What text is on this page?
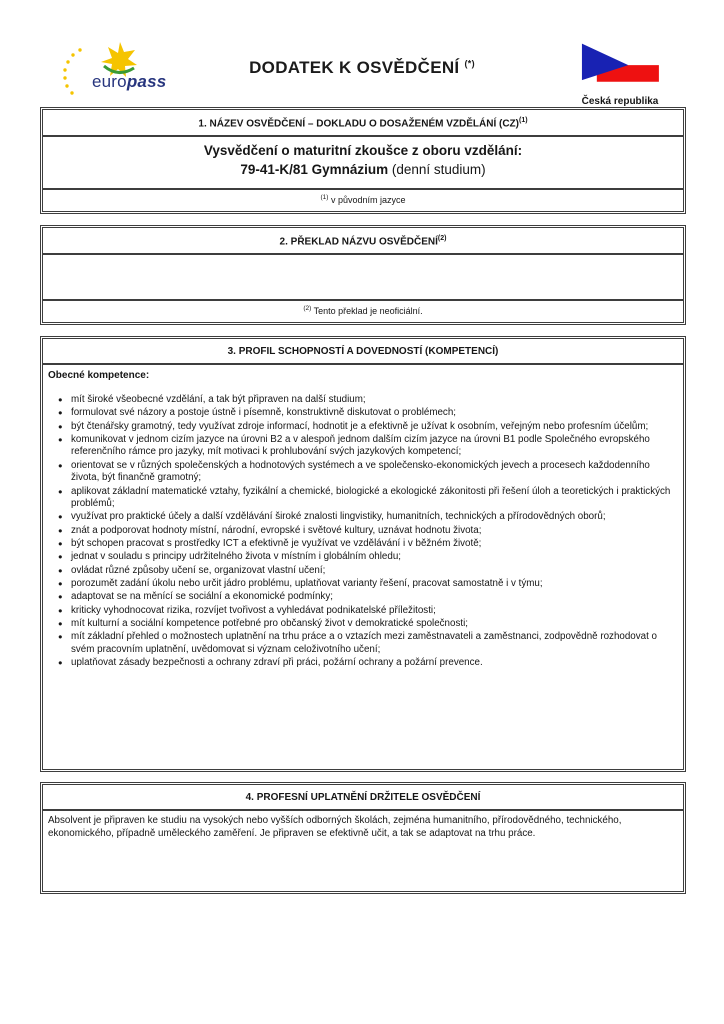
europass
DODATEK K OSVĚDČENÍ (*)
Česká republika
1. NÁZEV OSVĚDČENÍ – DOKLADU O DOSAŽENÉM VZDĚLÁNÍ (CZ)$^{(1)}$
Vysvědčení o maturitní zkoušce z oboru vzdělání:
79-41-K/81 Gymnázium (denní studium)
$^{(1)}$ v původním jazyce
2. PŘEKLAD NÁZVU OSVĚDČENÍ$^{(2)}$
$^{(2)}$ Tento překlad je neoficiální.
3. PROFIL SCHOPNOSTÍ A DOVEDNOSTÍ (KOMPETENCÍ)
Obecné kompetence:
● mít široké všeobecné vzdělání, a tak být připraven na další studium;
● formulovat své názory a postoje ústně i písemně, konstruktivně diskutovat o problémech;
● být čtenářsky gramotný, tedy využívat zdroje informací, hodnotit je a efektivně je užívat k osobním, veřejným nebo profesním účelům;
● komunikovat v jednom cizím jazyce na úrovni B2 a v alespoň jednom dalším cizím jazyce na úrovni B1 podle Společného evropského referenčního rámce pro jazyky, mít motivaci k prohlubování svých jazykových kompetencí;
● orientovat se v různých společenských a hodnotových systémech a ve společensko-ekonomických jevech a procesech každodenního života, být finančně gramotný;
● aplikovat základní matematické vztahy, fyzikální a chemické, biologické a ekologické zákonitosti při řešení úloh a teoretických i praktických problémů;
● využívat pro praktické účely a další vzdělávání široké znalosti lingvistiky, humanitních, technických a přírodovědných oborů;
● znát a podporovat hodnoty místní, národní, evropské i světové kultury, uznávat hodnotu života;
● být schopen pracovat s prostředky ICT a efektivně je využívat ve vzdělávání i v běžném životě;
● jednat v souladu s principy udržitelného života v místním i globálním ohledu;
● ovládat různé způsoby učení se, organizovat vlastní učení;
● porozumět zadání úkolu nebo určit jádro problému, uplatňovat varianty řešení, pracovat samostatně i v týmu;
● adaptovat se na měnící se sociální a ekonomické podmínky;
● kriticky vyhodnocovat rizika, rozvíjet tvořivost a vyhledávat podnikatelské příležitosti;
● mít kulturní a sociální kompetence potřebné pro občanský život v demokratické společnosti;
● mít základní přehled o možnostech uplatnění na trhu práce a o vztazích mezi zaměstnavateli a zaměstnanci, zodpovědně rozhodovat o svém pracovním uplatnění, uvědomovat si význam celoživotního učení;
● uplatňovat zásady bezpečnosti a ochrany zdraví při práci, požární ochrany a požární prevence.
4. PROFESNÍ UPLATNĚNÍ DRŽITELE OSVĚDČENÍ
Absolvent je připraven ke studiu na vysokých nebo vyšších odborných školách, zejména humanitního, přírodovědného, technického, ekonomického, případně uměleckého zaměření. Je připraven se efektivně učit, a tak se adaptovat na trhu práce.
